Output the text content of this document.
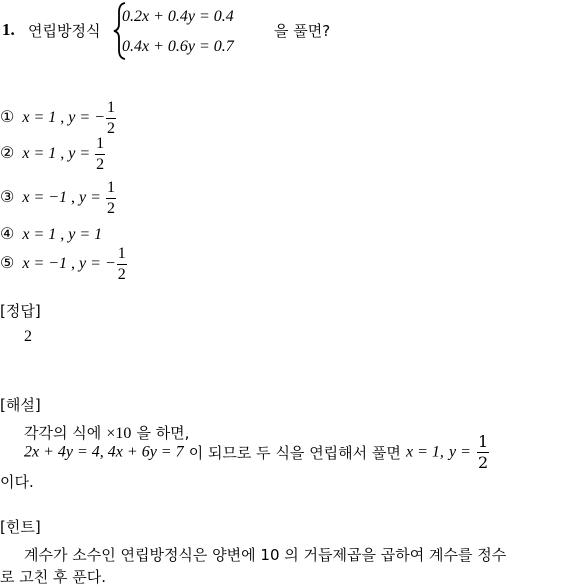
1. 연립방정식
0.2x + 0.4y = 0.4
0.4x + 0.6y = 0.7
을 풀면?
① x = 1 , y = − $\frac{1}{2}$
② x = 1 , $y = \frac{1}{2}$
③ x = −1 , $y = \frac{1}{2}$
④ x = 1 , y = 1
⑤ x = −1 , y = − $\frac{1}{2}$
[정답]
2
[해설]
각각의 식에 ×10 을 하면,
2x + 4y = 4, 4x + 6y = 7 이 되므로 두 식을 연립해서 풀면 x = 1, $y = \frac{1}{2}$
이다.
[힌트]
계수가 소수인 연립방정식은 양변에 10 의 거듭제곱을 곱하여 계수를 정수
로 고친 후 푼다.
